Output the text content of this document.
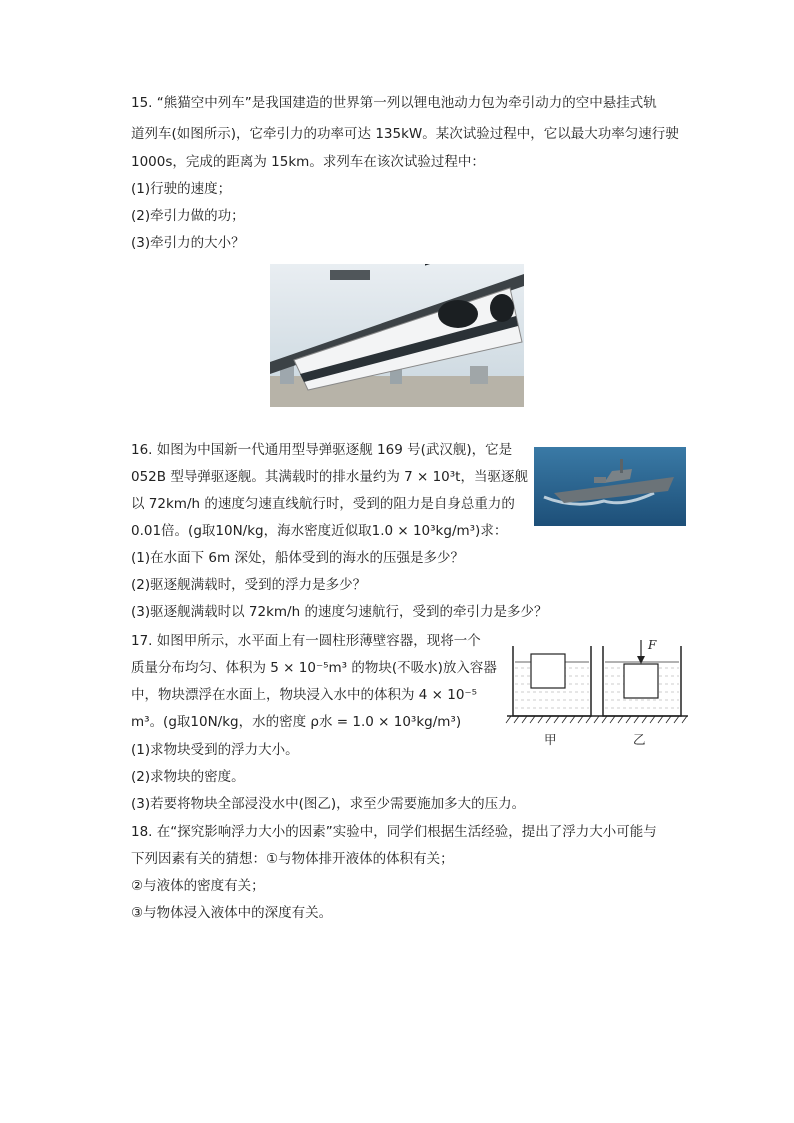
15. “熊猫空中列车”是我国建造的世界第一列以锂电池动力包为牵引动力的空中悬挂式轨
道列车(如图所示)，它牵引力的功率可达 135kW。某次试验过程中，它以最大功率匀速行驶
1000s，完成的距离为 15km。求列车在该次试验过程中：
(1)行驶的速度；
(2)牵引力做的功；
(3)牵引力的大小？
16. 如图为中国新一代通用型导弹驱逐舰 169 号(武汉舰)，它是
052B 型导弹驱逐舰。其满载时的排水量约为 7 × 10³t，当驱逐舰
以 72km/h 的速度匀速直线航行时，受到的阻力是自身总重力的
0.01倍。(g取10N/kg，海水密度近似取1.0 × 10³kg/m³)求：
(1)在水面下 6m 深处，船体受到的海水的压强是多少？
(2)驱逐舰满载时，受到的浮力是多少？
(3)驱逐舰满载时以 72km/h 的速度匀速航行，受到的牵引力是多少？
17. 如图甲所示，水平面上有一圆柱形薄壁容器，现将一个
质量分布均匀、体积为 5 × 10⁻⁵m³ 的物块(不吸水)放入容器
中，物块漂浮在水面上，物块浸入水中的体积为 4 × 10⁻⁵
m³。(g取10N/kg，水的密度 ρ水 = 1.0 × 10³kg/m³)
(1)求物块受到的浮力大小。
(2)求物块的密度。
(3)若要将物块全部浸没水中(图乙)，求至少需要施加多大的压力。
F
甲	乙
18. 在“探究影响浮力大小的因素”实验中，同学们根据生活经验，提出了浮力大小可能与
下列因素有关的猜想：①与物体排开液体的体积有关；
②与液体的密度有关；
③与物体浸入液体中的深度有关。
